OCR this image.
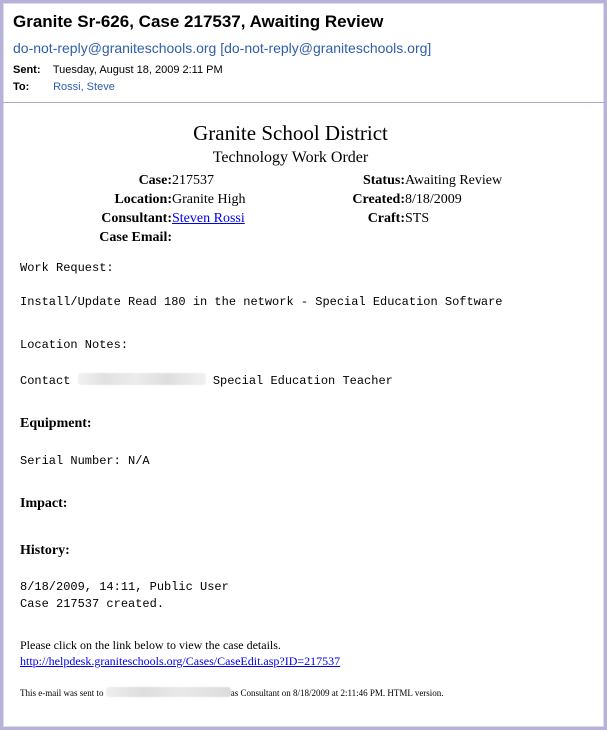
Granite Sr-626, Case 217537, Awaiting Review
do-not-reply@graniteschools.org [do-not-reply@graniteschools.org]
Sent: Tuesday, August 18, 2009 2:11 PM
To: Rossi, Steve
Granite School District
Technology Work Order
Case:217537
Location:Granite High
Consultant:Steven Rossi
Case Email:
Status:Awaiting Review
Created:8/18/2009
Craft:STS
Work Request:
Install/Update Read 180 in the network - Special Education Software
Location Notes:
Contact	Special Education Teacher
Equipment:
Serial Number: N/A
Impact:
History:
8/18/2009, 14:11, Public User
Case 217537 created.
Please click on the link below to view the case details.
http://helpdesk.graniteschools.org/Cases/CaseEdit.asp?ID=217537
This e-mail was sent to	as Consultant on 8/18/2009 at 2:11:46 PM. HTML version.
